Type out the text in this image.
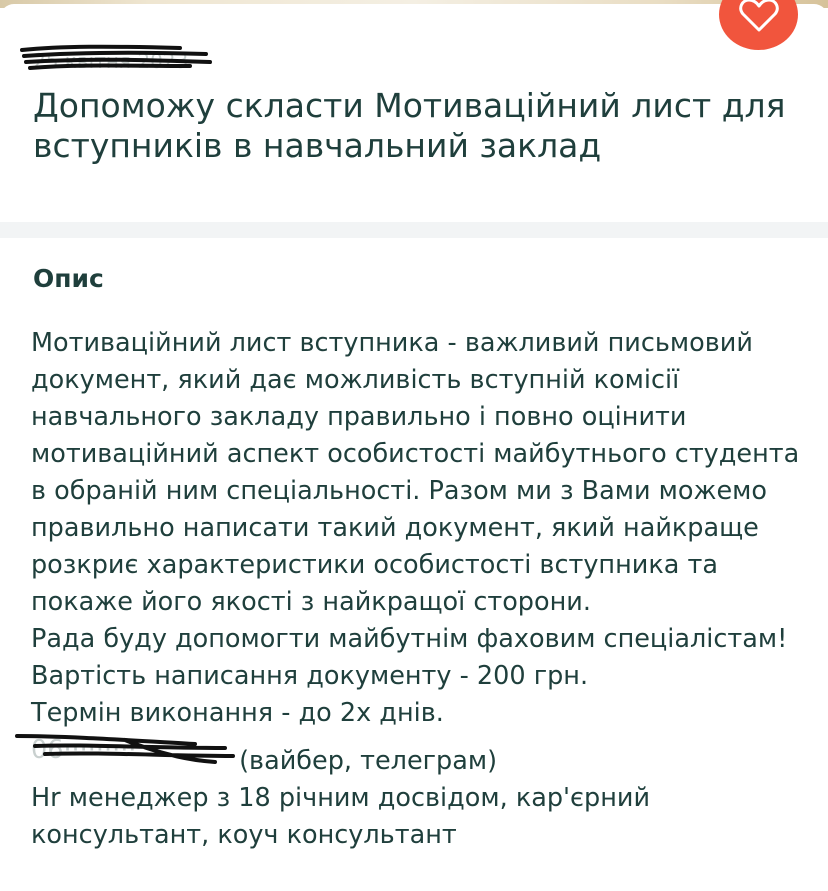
25 квітня 2023
Допоможу скласти Мотиваційний лист для
вступників в навчальний заклад
Опис
Мотиваційний лист вступника - важливий письмовий
документ, який дає можливість вступній комісії
навчального закладу правильно і повно оцінити
мотиваційний аспект особистості майбутнього студента
в обраній ним спеціальності. Разом ми з Вами можемо
правильно написати такий документ, який найкраще
розкриє характеристики особистості вступника та
покаже його якості з найкращої сторони.
Рада буду допомогти майбутнім фаховим спеціалістам!
Вартість написання документу - 200 грн.
Термін виконання - до 2х днів.
06·········	(вайбер, телеграм)
Hr менеджер з 18 річним досвідом, кар'єрний
консультант, коуч консультант
